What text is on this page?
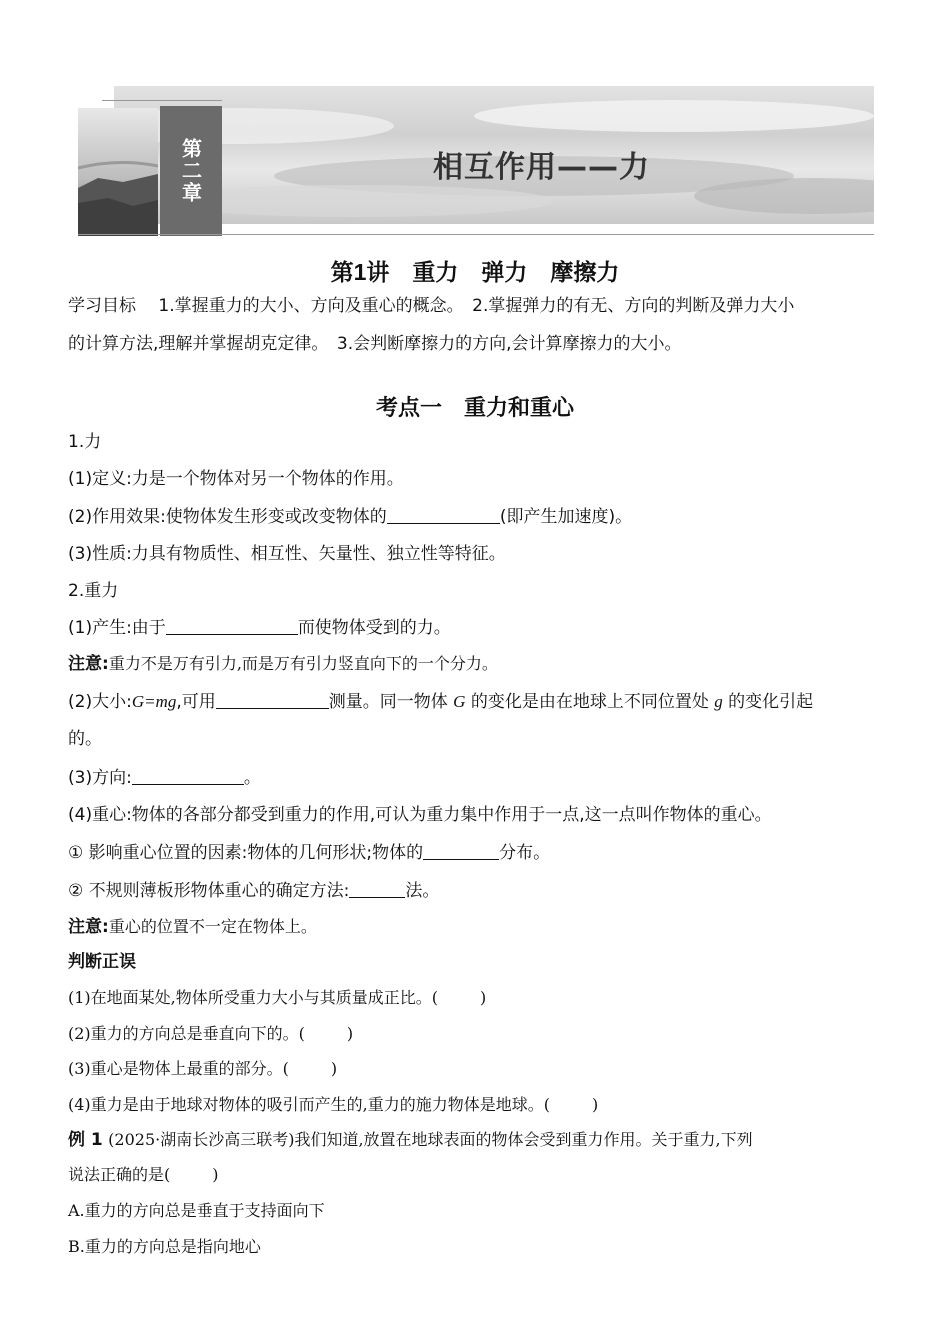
第二章	相互作用——力
第1讲　重力　弹力　摩擦力
学习目标　 1.掌握重力的大小、方向及重心的概念。　2.掌握弹力的有无、方向的判断及弹力大小
的计算方法,理解并掌握胡克定律。　3.会判断摩擦力的方向,会计算摩擦力的大小。
考点一　重力和重心
1.力
(1)定义:力是一个物体对另一个物体的作用。
(2)作用效果:使物体发生形变或改变物体的	(即产生加速度)。
(3)性质:力具有物质性、相互性、矢量性、独立性等特征。
2.重力
(1)产生:由于	而使物体受到的力。
注意:重力不是万有引力,而是万有引力竖直向下的一个分力。
(2)大小:G=mg,可用	测量。同一物体 G 的变化是由在地球上不同位置处 g 的变化引起
的。
(3)方向:	。
(4)重心:物体的各部分都受到重力的作用,可认为重力集中作用于一点,这一点叫作物体的重心。
① 影响重心位置的因素:物体的几何形状;物体的	分布。
② 不规则薄板形物体重心的确定方法:	法。
注意:重心的位置不一定在物体上。
判断正误
(1)在地面某处,物体所受重力大小与其质量成正比。(	)
(2)重力的方向总是垂直向下的。(	)
(3)重心是物体上最重的部分。(	)
(4)重力是由于地球对物体的吸引而产生的,重力的施力物体是地球。(	)
例 1 (2025·湖南长沙高三联考)我们知道,放置在地球表面的物体会受到重力作用。关于重力,下列
说法正确的是(	)
A.重力的方向总是垂直于支持面向下
B.重力的方向总是指向地心
